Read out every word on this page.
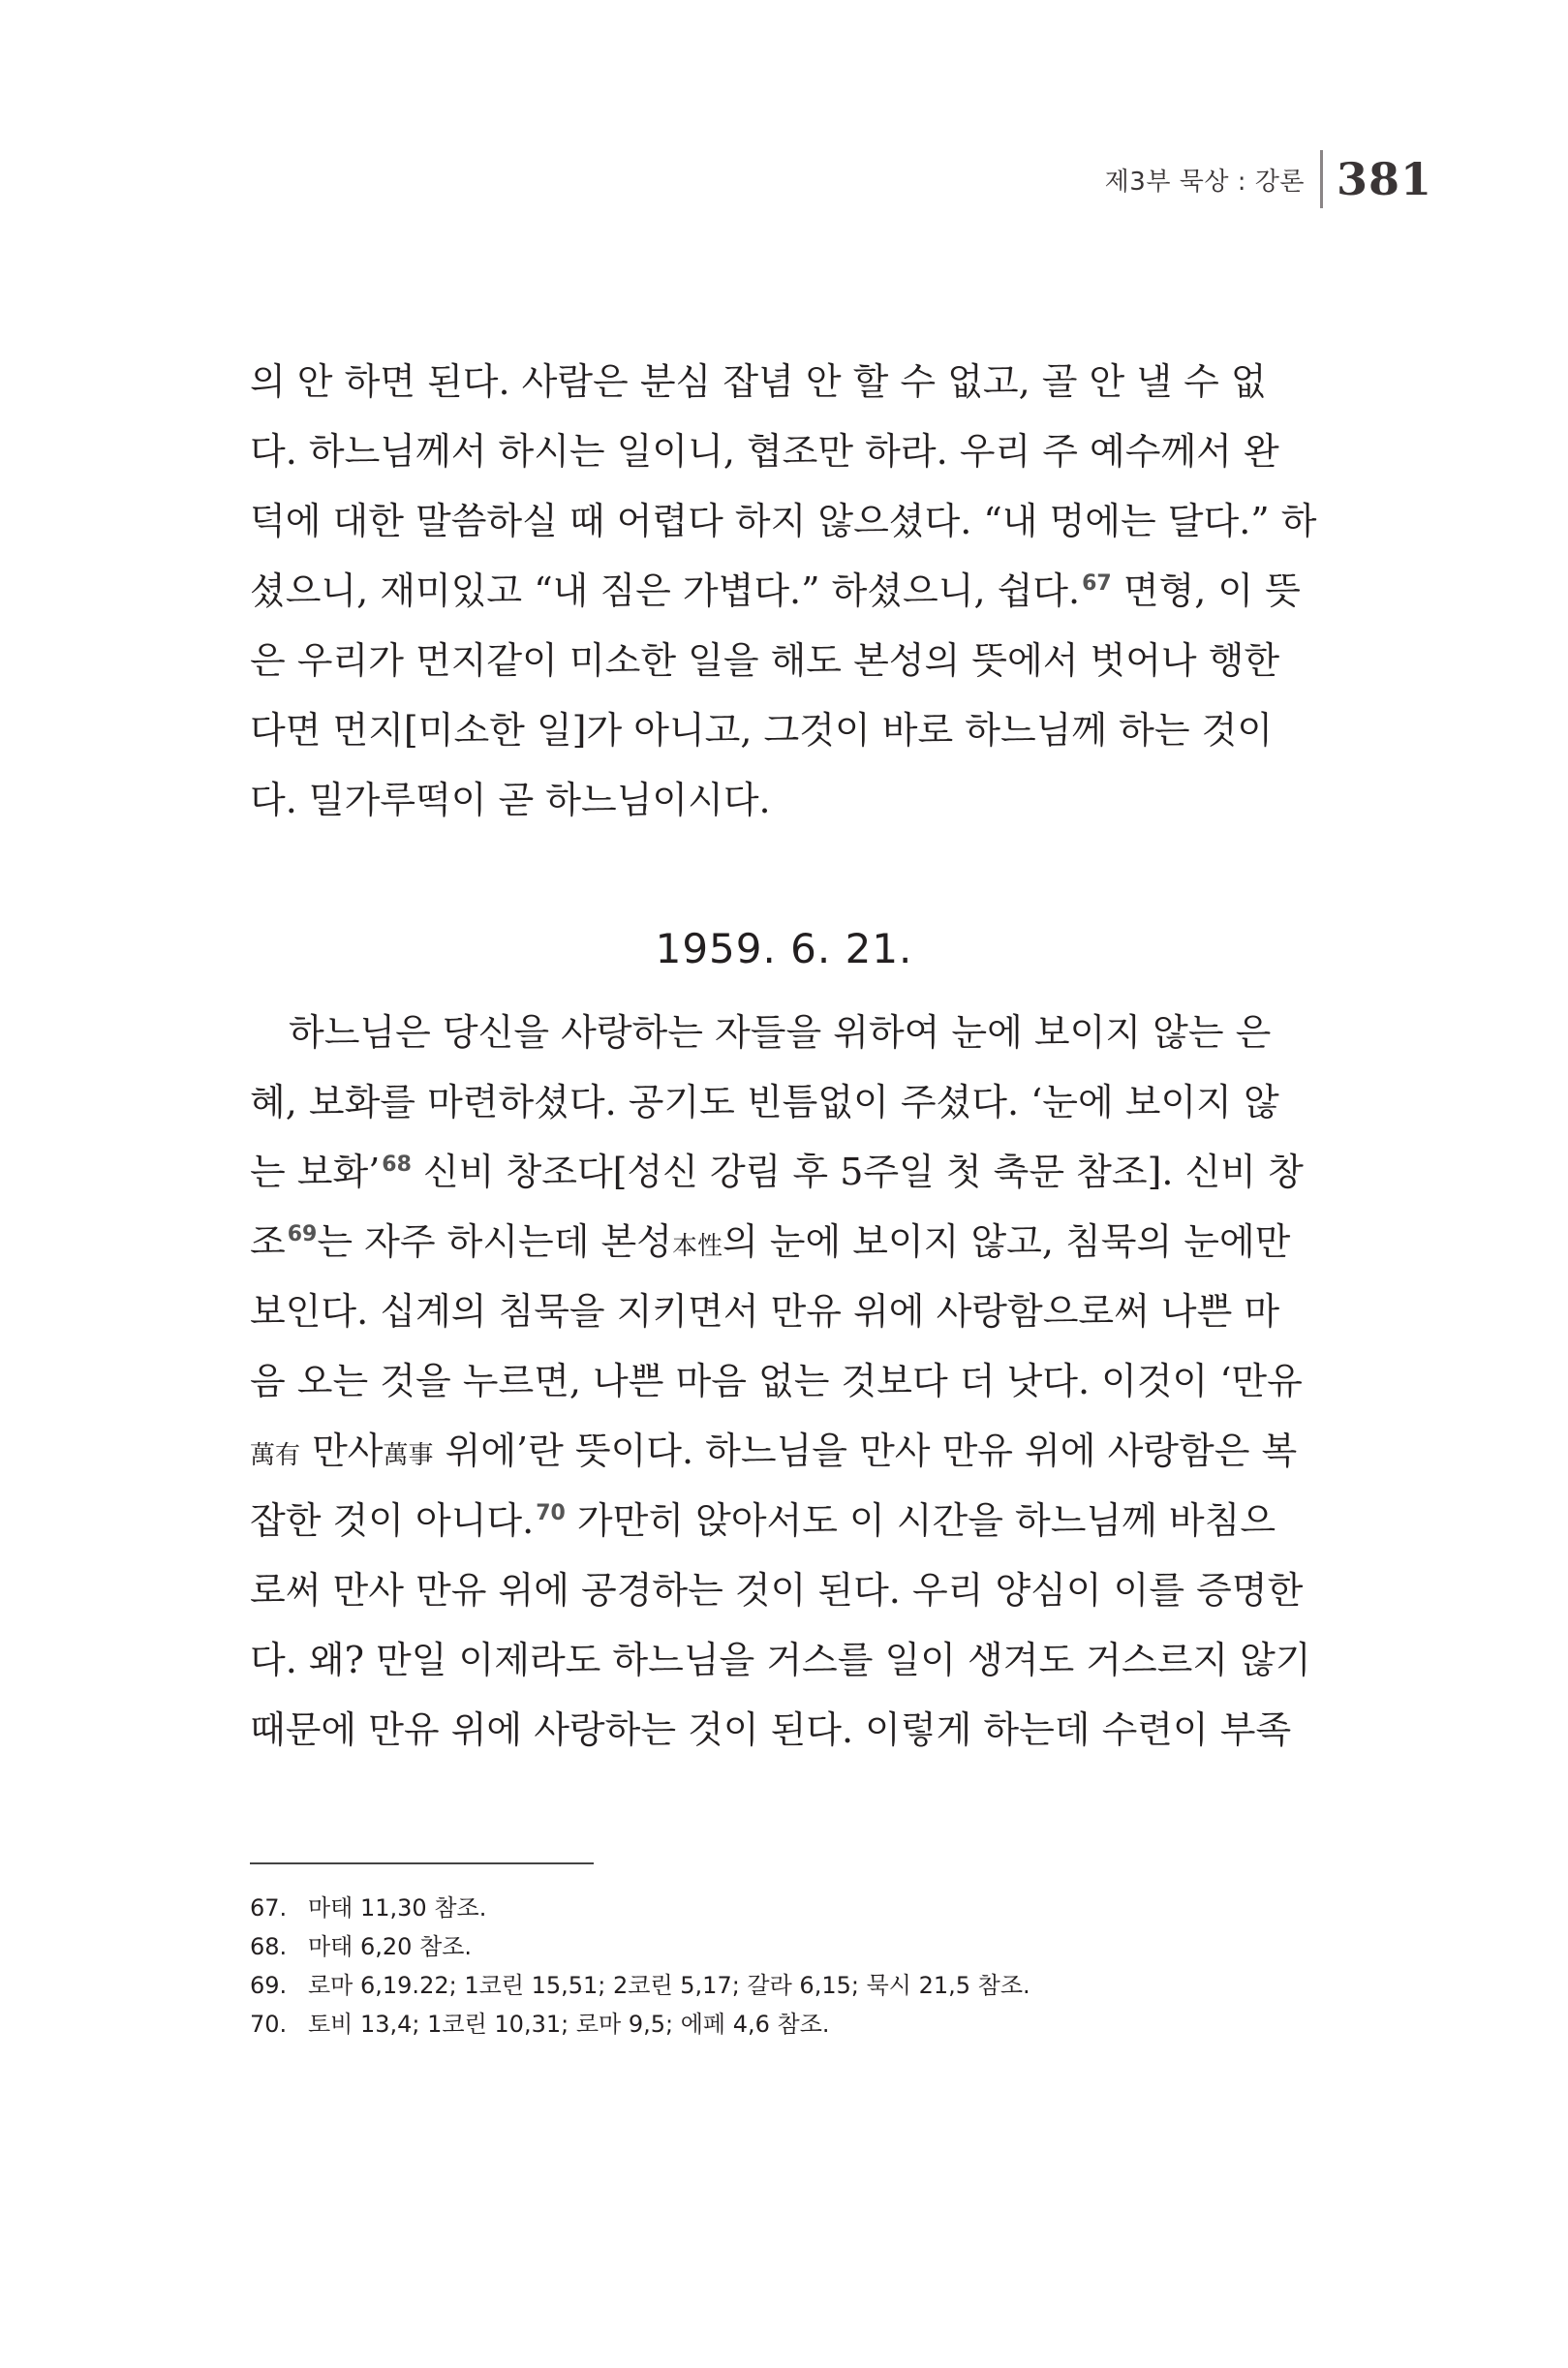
제3부 묵상 : 강론 381
의 안 하면 된다. 사람은 분심 잡념 안 할 수 없고, 골 안 낼 수 없
다. 하느님께서 하시는 일이니, 협조만 하라. 우리 주 예수께서 완
덕에 대한 말씀하실 때 어렵다 하지 않으셨다. “내 멍에는 달다.” 하
셨으니, 재미있고 “내 짐은 가볍다.” 하셨으니, 쉽다.$^{67}$ 면형, 이 뜻
은 우리가 먼지같이 미소한 일을 해도 본성의 뜻에서 벗어나 행한
다면 먼지[미소한 일]가 아니고, 그것이 바로 하느님께 하는 것이
다. 밀가루떡이 곧 하느님이시다.
1959. 6. 21.
하느님은 당신을 사랑하는 자들을 위하여 눈에 보이지 않는 은
혜, 보화를 마련하셨다. 공기도 빈틈없이 주셨다. ‘눈에 보이지 않
는 보화’$^{68}$ 신비 창조다[성신 강림 후 5주일 첫 축문 참조]. 신비 창
조$^{69}$는 자주 하시는데 본성本性의 눈에 보이지 않고, 침묵의 눈에만
보인다. 십계의 침묵을 지키면서 만유 위에 사랑함으로써 나쁜 마
음 오는 것을 누르면, 나쁜 마음 없는 것보다 더 낫다. 이것이 ‘만유
萬有 만사萬事 위에’란 뜻이다. 하느님을 만사 만유 위에 사랑함은 복
잡한 것이 아니다.$^{70}$ 가만히 앉아서도 이 시간을 하느님께 바침으
로써 만사 만유 위에 공경하는 것이 된다. 우리 양심이 이를 증명한
다. 왜? 만일 이제라도 하느님을 거스를 일이 생겨도 거스르지 않기
때문에 만유 위에 사랑하는 것이 된다. 이렇게 하는데 수련이 부족
67. 마태 11,30 참조.
68. 마태 6,20 참조.
69. 로마 6,19.22; 1코린 15,51; 2코린 5,17; 갈라 6,15; 묵시 21,5 참조.
70. 토비 13,4; 1코린 10,31; 로마 9,5; 에페 4,6 참조.
